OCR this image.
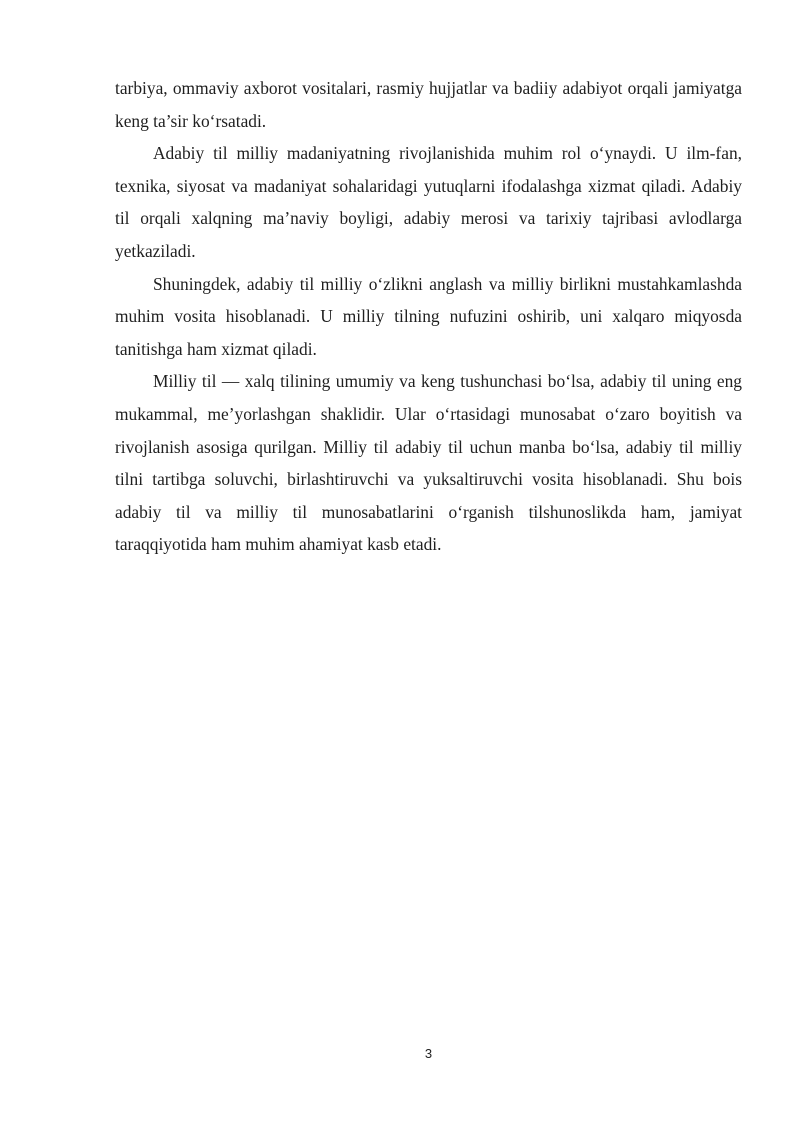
tarbiya, ommaviy axborot vositalari, rasmiy hujjatlar va badiiy adabiyot orqali jamiyatga keng ta’sir ko‘rsatadi.

Adabiy til milliy madaniyatning rivojlanishida muhim rol o‘ynaydi. U ilm-fan, texnika, siyosat va madaniyat sohalaridagi yutuqlarni ifodalashga xizmat qiladi. Adabiy til orqali xalqning ma’naviy boyligi, adabiy merosi va tarixiy tajribasi avlodlarga yetkaziladi.

Shuningdek, adabiy til milliy o‘zlikni anglash va milliy birlikni mustahkamlashda muhim vosita hisoblanadi. U milliy tilning nufuzini oshirib, uni xalqaro miqyosda tanitishga ham xizmat qiladi.

Milliy til — xalq tilining umumiy va keng tushunchasi bo‘lsa, adabiy til uning eng mukammal, me’yorlashgan shaklidir. Ular o‘rtasidagi munosabat o‘zaro boyitish va rivojlanish asosiga qurilgan. Milliy til adabiy til uchun manba bo‘lsa, adabiy til milliy tilni tartibga soluvchi, birlashtiruvchi va yuksaltiruvchi vosita hisoblanadi. Shu bois adabiy til va milliy til munosabatlarini o‘rganish tilshunoslikda ham, jamiyat taraqqiyotida ham muhim ahamiyat kasb etadi.

3
